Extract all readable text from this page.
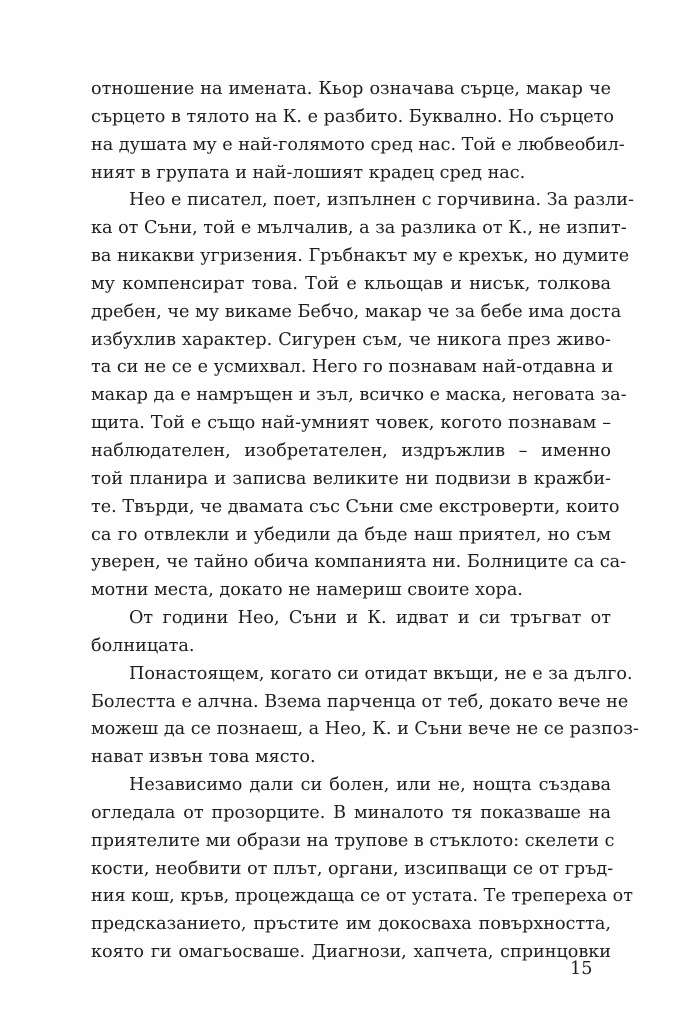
отношение на имената. Кьор означава сърце, макар че
сърцето в тялото на К. е разбито. Буквално. Но сърцето
на душата му е най-голямото сред нас. Той е любвеобил-
ният в групата и най-лошият крадец сред нас.
Нео е писател, поет, изпълнен с горчивина. За разли-
ка от Съни, той е мълчалив, а за разлика от К., не изпит-
ва никакви угризения. Гръбнакът му е крехък, но думите
му компенсират това. Той е кльощав и нисък, толкова
дребен, че му викаме Бебчо, макар че за бебе има доста
избухлив характер. Сигурен съм, че никога през живо-
та си не се е усмихвал. Него го познавам най-отдавна и
макар да е намръщен и зъл, всичко е маска, неговата за-
щита. Той е също най-умният човек, когото познавам –
наблюдателен, изобретателен, издръжлив – именно
той планира и записва великите ни подвизи в кражби-
те. Твърди, че двамата със Съни сме екстроверти, които
са го отвлекли и убедили да бъде наш приятел, но съм
уверен, че тайно обича компанията ни. Болниците са са-
мотни места, докато не намериш своите хора.
От години Нео, Съни и К. идват и си тръгват от
болницата.
Понастоящем, когато си отидат вкъщи, не е за дълго.
Болестта е алчна. Взема парченца от теб, докато вече не
можеш да се познаеш, а Нео, К. и Съни вече не се разпоз-
нават извън това място.
Независимо дали си болен, или не, нощта създава
огледала от прозорците. В миналото тя показваше на
приятелите ми образи на трупове в стъклото: скелети с
кости, необвити от плът, органи, изсипващи се от гръд-
ния кош, кръв, процеждаща се от устата. Те трепереха от
предсказанието, пръстите им докосваха повърхността,
която ги омагьосваше. Диагнози, хапчета, спринцовки
15
